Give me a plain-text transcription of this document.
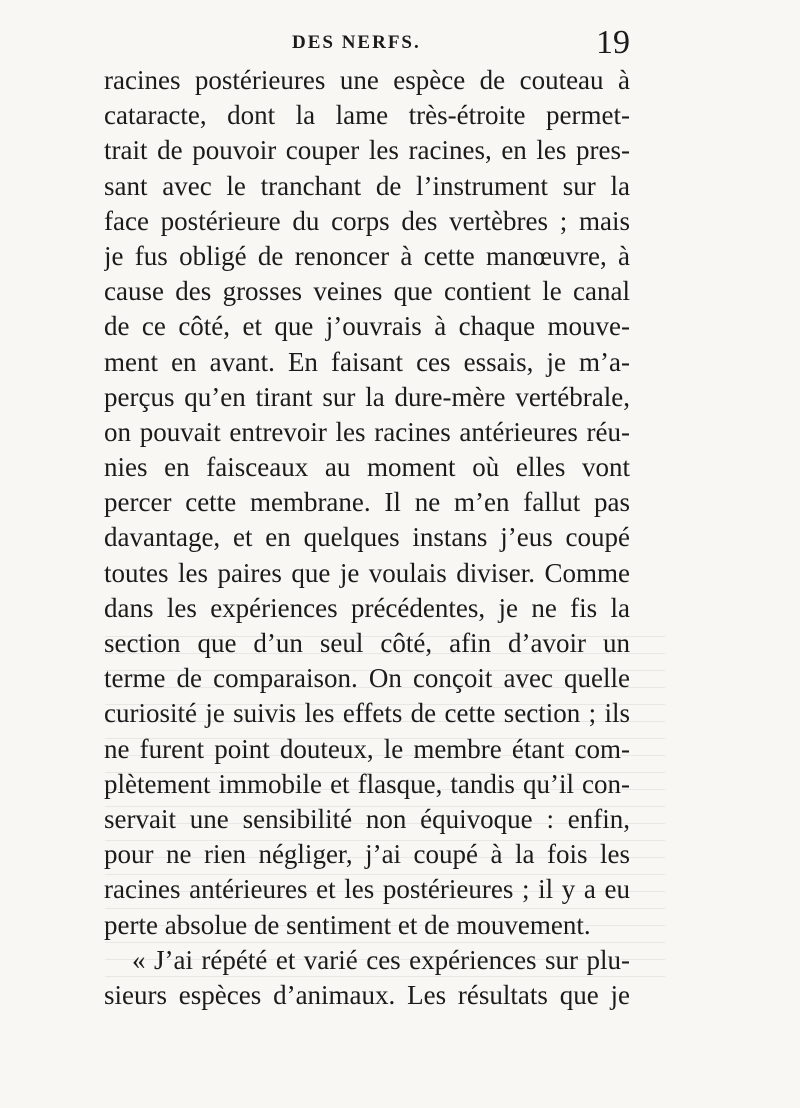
DES NERFS.	19
racines postérieures une espèce de couteau à
cataracte, dont la lame très-étroite permet-
trait de pouvoir couper les racines, en les pres-
sant avec le tranchant de l’instrument sur la
face postérieure du corps des vertèbres ; mais
je fus obligé de renoncer à cette manœuvre, à
cause des grosses veines que contient le canal
de ce côté, et que j’ouvrais à chaque mouve-
ment en avant. En faisant ces essais, je m’a-
perçus qu’en tirant sur la dure-mère vertébrale,
on pouvait entrevoir les racines antérieures réu-
nies en faisceaux au moment où elles vont
percer cette membrane. Il ne m’en fallut pas
davantage, et en quelques instans j’eus coupé
toutes les paires que je voulais diviser. Comme
dans les expériences précédentes, je ne fis la
section que d’un seul côté, afin d’avoir un
terme de comparaison. On conçoit avec quelle
curiosité je suivis les effets de cette section ; ils
ne furent point douteux, le membre étant com-
plètement immobile et flasque, tandis qu’il con-
servait une sensibilité non équivoque : enfin,
pour ne rien négliger, j’ai coupé à la fois les
racines antérieures et les postérieures ; il y a eu
perte absolue de sentiment et de mouvement.
« J’ai répété et varié ces expériences sur plu-
sieurs espèces d’animaux. Les résultats que je
